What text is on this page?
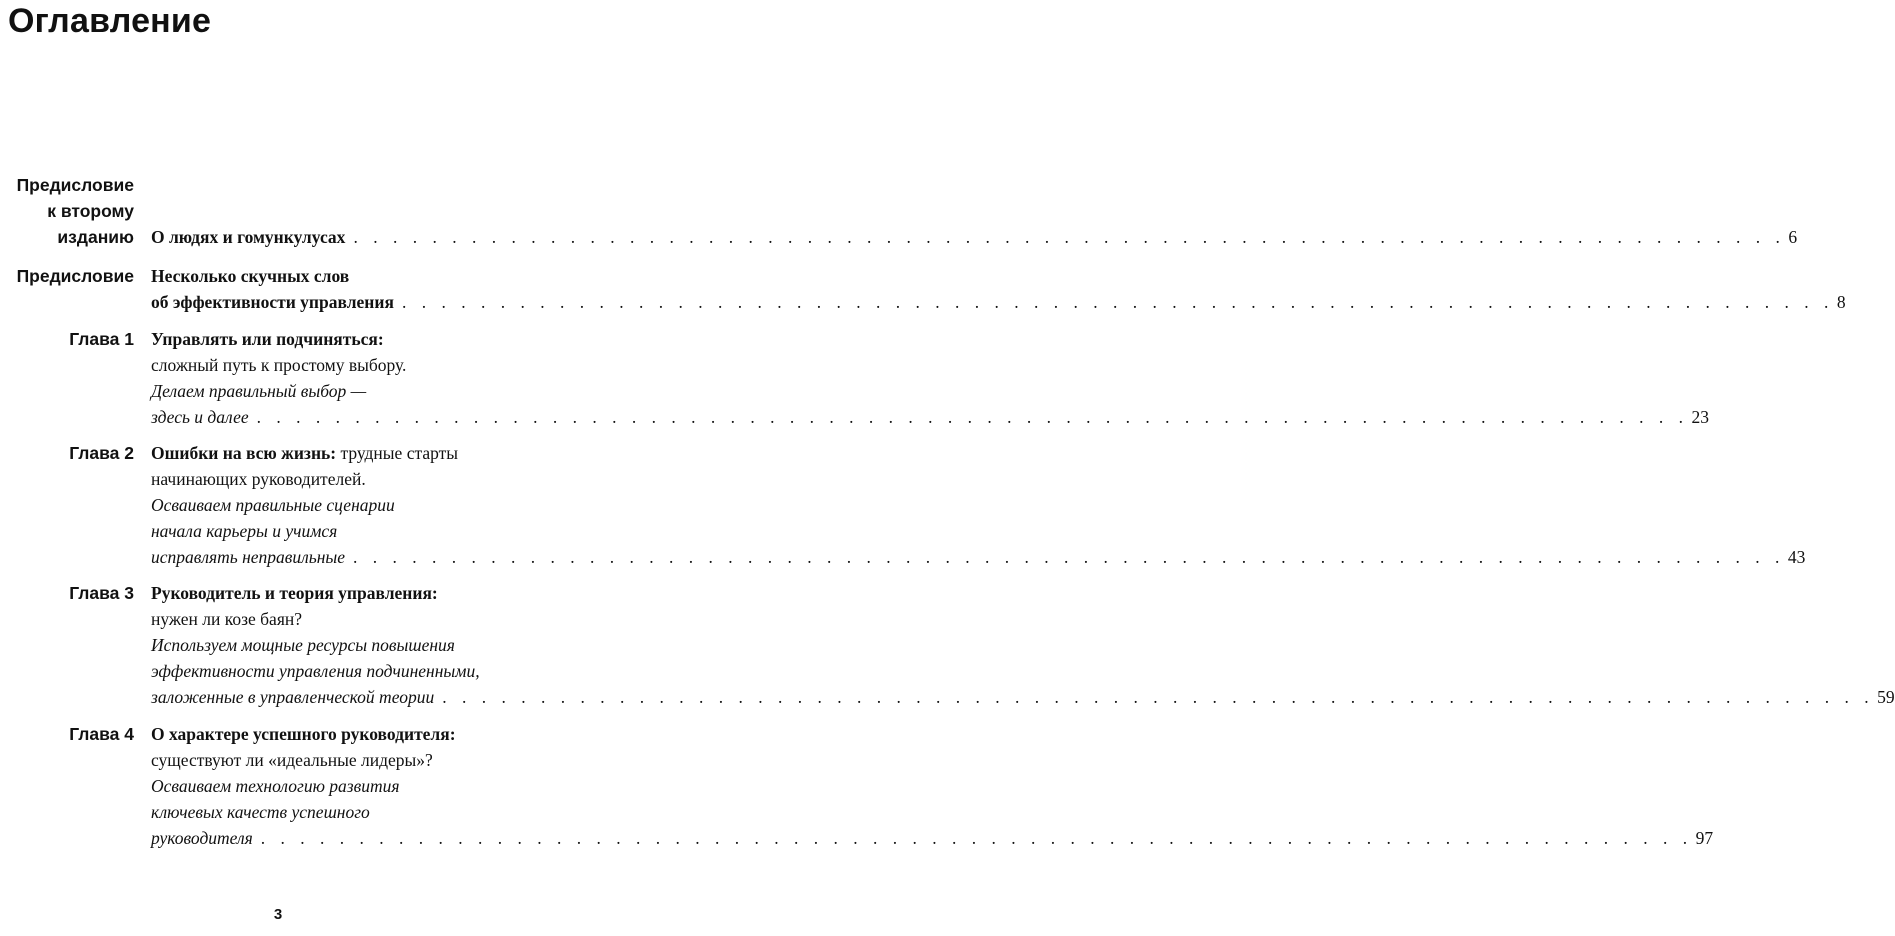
Оглавление
Предисловие
к второму
изданию О людях и гомункулусах . . . . . . . . . . . . . . . . . . . . . . . . . . . . . . . . . . . . . . . . . . . . . . . . . . . . . . . . . . . . . . . . . . . . . . . . . 6
Предисловие Несколько скучных слов
об эффективности управления . . . . . . . . . . . . . . . . . . . . . . . . . . . . . . . . . . . . . . . . . . . . . . . . . . . . . . . . . . . . . . . . . . . . . . . . . 8
Глава 1 Управлять или подчиняться:
сложный путь к простому выбору.
Делаем правильный выбор —
здесь и далее . . . . . . . . . . . . . . . . . . . . . . . . . . . . . . . . . . . . . . . . . . . . . . . . . . . . . . . . . . . . . . . . . . . . . . . . . 23
Глава 2 Ошибки на всю жизнь: трудные старты
начинающих руководителей.
Осваиваем правильные сценарии
начала карьеры и учимся
исправлять неправильные . . . . . . . . . . . . . . . . . . . . . . . . . . . . . . . . . . . . . . . . . . . . . . . . . . . . . . . . . . . . . . . . . . . . . . . . . 43
Глава 3 Руководитель и теория управления:
нужен ли козе баян?
Используем мощные ресурсы повышения
эффективности управления подчиненными,
заложенные в управленческой теории . . . . . . . . . . . . . . . . . . . . . . . . . . . . . . . . . . . . . . . . . . . . . . . . . . . . . . . . . . . . . . . . . . . . . . . . . 59
Глава 4 О характере успешного руководителя:
существуют ли «идеальные лидеры»?
Осваиваем технологию развития
ключевых качеств успешного
руководителя . . . . . . . . . . . . . . . . . . . . . . . . . . . . . . . . . . . . . . . . . . . . . . . . . . . . . . . . . . . . . . . . . . . . . . . . . 97
3
